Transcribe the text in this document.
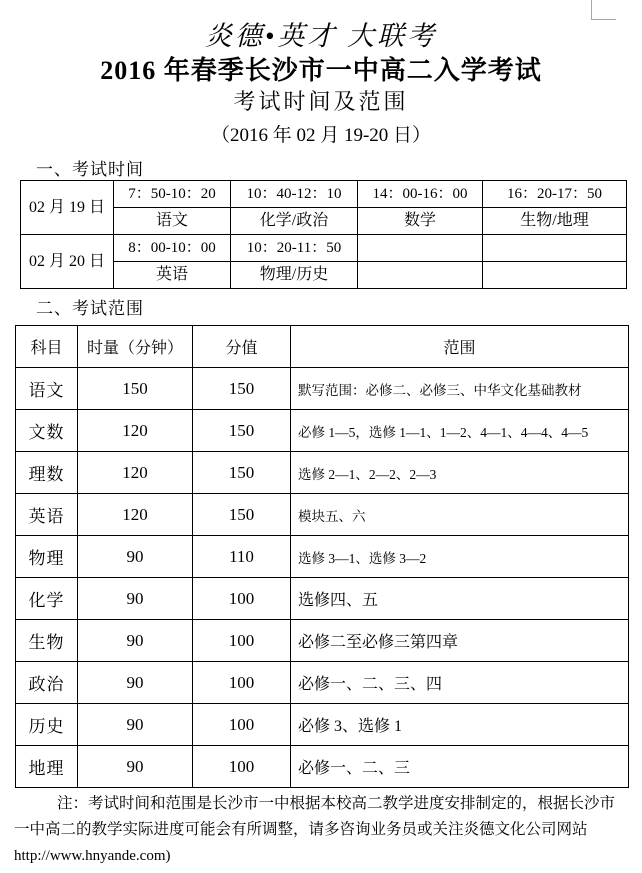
炎德•英才 大联考
2016 年春季长沙市一中高二入学考试
考试时间及范围
（2016 年 02 月 19-20 日）
一、考试时间
02 月 19 日	7：50-10：20	10：40-12：10	14：00-16：00	16：20-17：50
	语文	化学/政治	数学	生物/地理
02 月 20 日	8：00-10：00	10：20-11：50		
	英语	物理/历史		
二、考试范围
科目	时量（分钟）	分值	范围
语文	150	150	默写范围：必修二、必修三、中华文化基础教材
文数	120	150	必修 1—5，选修 1—1、1—2、4—1、4—4、4—5
理数	120	150	选修 2—1、2—2、2—3
英语	120	150	模块五、六
物理	90	110	选修 3—1、选修 3—2
化学	90	100	选修四、五
生物	90	100	必修二至必修三第四章
政治	90	100	必修一、二、三、四
历史	90	100	必修 3、选修 1
地理	90	100	必修一、二、三
注：考试时间和范围是长沙市一中根据本校高二教学进度安排制定的，根据长沙市
一中高二的教学实际进度可能会有所调整，请多咨询业务员或关注炎德文化公司网站
http://www.hnyande.com)
